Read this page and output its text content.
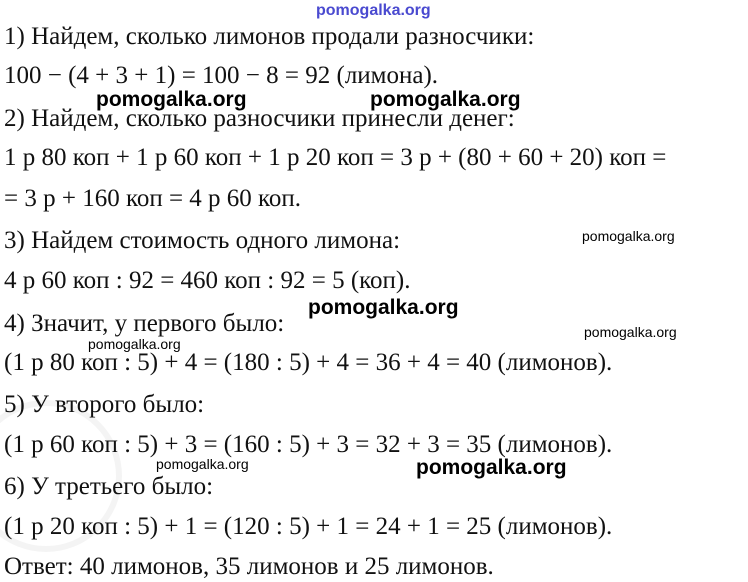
pomogalka.org
1) Найдем, сколько лимонов продали разносчики:
100 − (4 + 3 + 1) = 100 − 8 = 92 (лимона).
2) Найдем, сколько разносчики принесли денег:
1 р 80 коп + 1 р 60 коп + 1 р 20 коп = 3 р + (80 + 60 + 20) коп =
= 3 р + 160 коп = 4 р 60 коп.
3) Найдем стоимость одного лимона:
4 р 60 коп : 92 = 460 коп : 92 = 5 (коп).
4) Значит, у первого было:
(1 р 80 коп : 5) + 4 = (180 : 5) + 4 = 36 + 4 = 40 (лимонов).
5) У второго было:
(1 р 60 коп : 5) + 3 = (160 : 5) + 3 = 32 + 3 = 35 (лимонов).
6) У третьего было:
(1 р 20 коп : 5) + 1 = (120 : 5) + 1 = 24 + 1 = 25 (лимонов).
Ответ: 40 лимонов, 35 лимонов и 25 лимонов.
pomogalka.org	pomogalka.org
pomogalka.org
pomogalka.org
pomogalka.org
pomogalka.org
pomogalka.org	pomogalka.org
